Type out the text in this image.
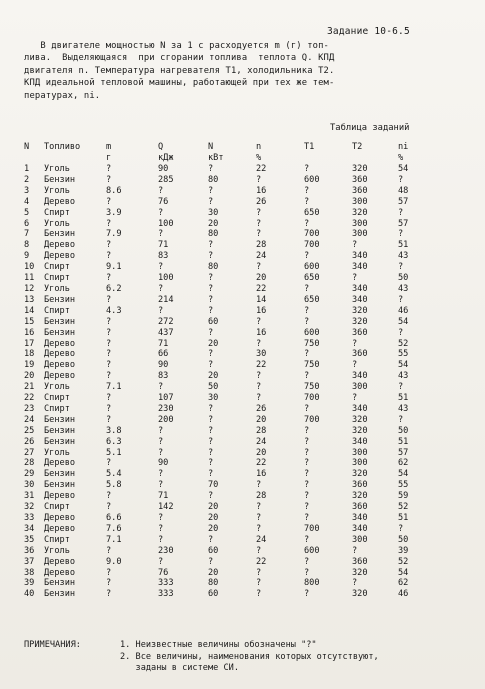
Задание 10-6.5

В двигателе мощностью N за 1 с расходуется m (г) топ-

лива.  Выделяющаяся  при сгорании топлива  теплота Q. КПД

двигателя n. Температура нагревателя Т1, холодильника Т2.

КПД идеальной тепловой машины, работающей при тех же тем-

пературах, ni.

Таблица заданий
N	Топливо	m	Q	N	n	T1	T2	ni
		г	кДж	кВт	%			%
1	Уголь	?	90	?	22	?	320	54
2	Бензин	?	285	80	?	600	360	?
3	Уголь	8.6	?	?	16	?	360	48
4	Дерево	?	76	?	26	?	300	57
5	Спирт	3.9	?	30	?	650	320	?
6	Уголь	?	100	20	?	?	300	57
7	Бензин	7.9	?	80	?	700	300	?
8	Дерево	?	71	?	28	700	?	51
9	Дерево	?	83	?	24	?	340	43
10	Спирт	9.1	?	80	?	600	340	?
11	Спирт	?	100	?	20	650	?	50
12	Уголь	6.2	?	?	22	?	340	43
13	Бензин	?	214	?	14	650	340	?
14	Спирт	4.3	?	?	16	?	320	46
15	Бензин	?	272	60	?	?	320	54
16	Бензин	?	437	?	16	600	360	?
17	Дерево	?	71	20	?	750	?	52
18	Дерево	?	66	?	30	?	360	55
19	Дерево	?	90	?	22	750	?	54
20	Дерево	?	83	20	?	?	340	43
21	Уголь	7.1	?	50	?	750	300	?
22	Спирт	?	107	30	?	700	?	51
23	Спирт	?	230	?	26	?	340	43
24	Бензин	?	200	?	20	700	320	?
25	Бензин	3.8	?	?	28	?	320	50
26	Бензин	6.3	?	?	24	?	340	51
27	Уголь	5.1	?	?	20	?	300	57
28	Дерево	?	90	?	22	?	300	62
29	Бензин	5.4	?	?	16	?	320	54
30	Бензин	5.8	?	70	?	?	360	55
31	Дерево	?	71	?	28	?	320	59
32	Спирт	?	142	20	?	?	360	52
33	Дерево	6.6	?	20	?	?	340	51
34	Дерево	7.6	?	20	?	700	340	?
35	Спирт	7.1	?	?	24	?	300	50
36	Уголь	?	230	60	?	600	?	39
37	Дерево	9.0	?	?	22	?	360	52
38	Дерево	?	76	20	?	?	320	54
39	Бензин	?	333	80	?	800	?	62
40	Бензин	?	333	60	?	?	320	46
ПРИМЕЧАНИЯ:	1. Неизвестные величины обозначены "?"
2. Все величины, наименования которых отсутствуют,
заданы в системе СИ.
